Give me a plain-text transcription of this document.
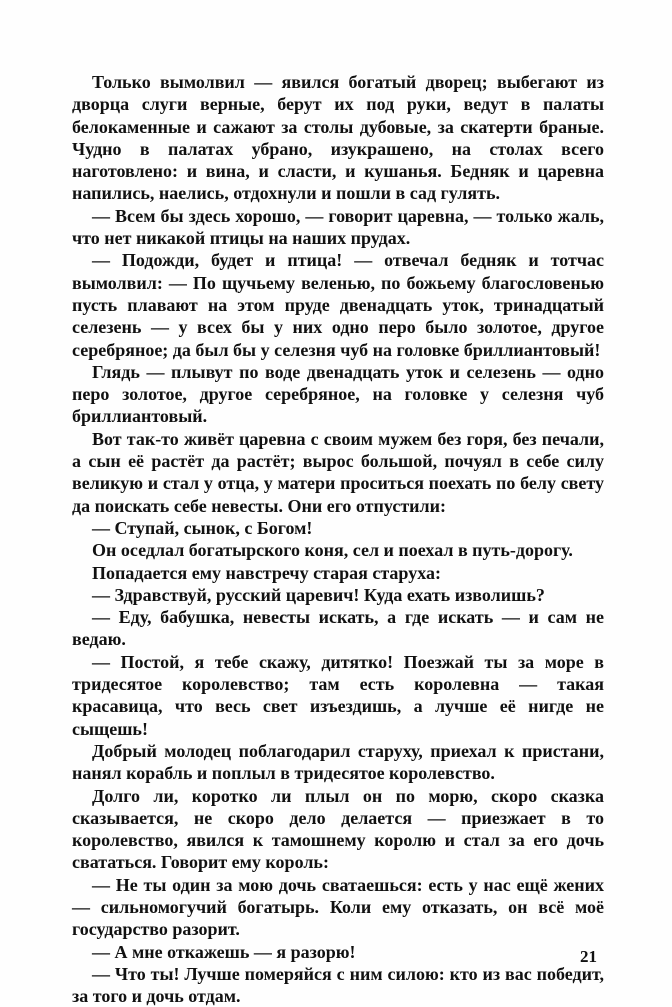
Только вымолвил — явился богатый дворец; выбегают из дворца слуги верные, берут их под руки, ведут в палаты белокаменные и сажают за столы дубовые, за скатерти браные. Чудно в палатах убрано, изукрашено, на столах всего наготовлено: и вина, и сласти, и кушанья. Бедняк и царевна напились, наелись, отдохнули и пошли в сад гулять.

— Всем бы здесь хорошо, — говорит царевна, — только жаль, что нет никакой птицы на наших прудах.

— Подожди, будет и птица! — отвечал бедняк и тотчас вымолвил: — По щучьему веленью, по божьему благословенью пусть плавают на этом пруде двенадцать уток, тринадцатый селезень — у всех бы у них одно перо было золотое, другое серебряное; да был бы у селезня чуб на головке бриллиантовый!

Глядь — плывут по воде двенадцать уток и селезень — одно перо золотое, другое серебряное, на головке у селезня чуб бриллиантовый.

Вот так-то живёт царевна с своим мужем без горя, без печали, а сын её растёт да растёт; вырос большой, почуял в себе силу великую и стал у отца, у матери проситься поехать по белу свету да поискать себе невесты. Они его отпустили:

— Ступай, сынок, с Богом!

Он оседлал богатырского коня, сел и поехал в путь-дорогу.

Попадается ему навстречу старая старуха:

— Здравствуй, русский царевич! Куда ехать изволишь?

— Еду, бабушка, невесты искать, а где искать — и сам не ведаю.

— Постой, я тебе скажу, дитятко! Поезжай ты за море в тридесятое королевство; там есть королевна — такая красавица, что весь свет изъездишь, а лучше её нигде не сыщешь!

Добрый молодец поблагодарил старуху, приехал к пристани, нанял корабль и поплыл в тридесятое королевство.

Долго ли, коротко ли плыл он по морю, скоро сказка сказывается, не скоро дело делается — приезжает в то королевство, явился к тамошнему королю и стал за его дочь свататься. Говорит ему король:

— Не ты один за мою дочь сватаешься: есть у нас ещё жених — сильномогучий богатырь. Коли ему отказать, он всё моё государство разорит.

— А мне откажешь — я разорю!

— Что ты! Лучше померяйся с ним силою: кто из вас победит, за того и дочь отдам.

21
